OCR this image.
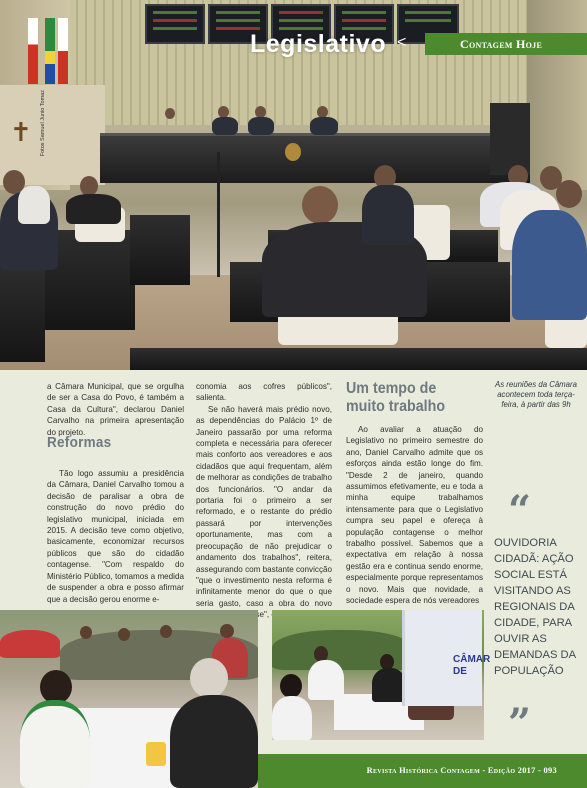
✝ Fotos Samuel Junio Tomaz
Legislativo <	Contagem Hoje

a Câmara Municipal, que se orgulha de ser a Casa do Povo, é também a Casa da Cultura", declarou Daniel Carvalho na primeira apresentação do projeto.

Tão logo assumiu a presidência da Câmara, Daniel Carvalho tomou a decisão de paralisar a obra de construção do novo prédio do legislativo municipal, iniciada em 2015. A decisão teve como objetivo, basicamente, economizar recursos públicos que são do cidadão contagense. "Com respaldo do Ministério Público, tomamos a medida de suspender a obra e posso afirmar que a decisão gerou enorme e-

Reformas

conomia aos cofres públicos", salienta.

Se não haverá mais prédio novo, as dependências do Palácio 1º de Janeiro passarão por uma reforma completa e necessária para oferecer mais conforto aos vereadores e aos cidadãos que aqui frequentam, além de melhorar as condições de trabalho dos funcionários. "O andar da portaria foi o primeiro a ser reformado, e o restante do prédio passará por intervenções oportunamente, mas com a preocupação de não prejudicar o andamento dos trabalhos", reitera, assegurando com bastante convicção "que o investimento nesta reforma é infinitamente menor do que o que seria gasto, caso a obra do novo

Um tempo de muito trabalho

Ao avaliar a atuação do Legislativo no primeiro semestre do ano, Daniel Carvalho admite que os esforços ainda estão longe do fim. "Desde 2 de janeiro, quando assumimos efetivamente, eu e toda a minha equipe trabalhamos intensamente para que o Legislativo cumpra seu papel e ofereça à população contagense o melhor trabalho possível. Sabemos que a expectativa em relação à nossa gestão era e continua sendo enorme, especialmente porque representamos o novo. Mais que novidade, a sociedade espera de nós vereadores

As reuniões da Câmara acontecem toda terça-feira, à partir das 9h
“
OUVIDORIA CIDADÃ: AÇÃO SOCIAL ESTÁ VISITANDO AS REGIONAIS DA CIDADE, PARA OUVIR AS DEMANDAS DA POPULAÇÃO
”
CÂMAR
DE
Revista Histórica Contagem - Edição 2017 - 093
